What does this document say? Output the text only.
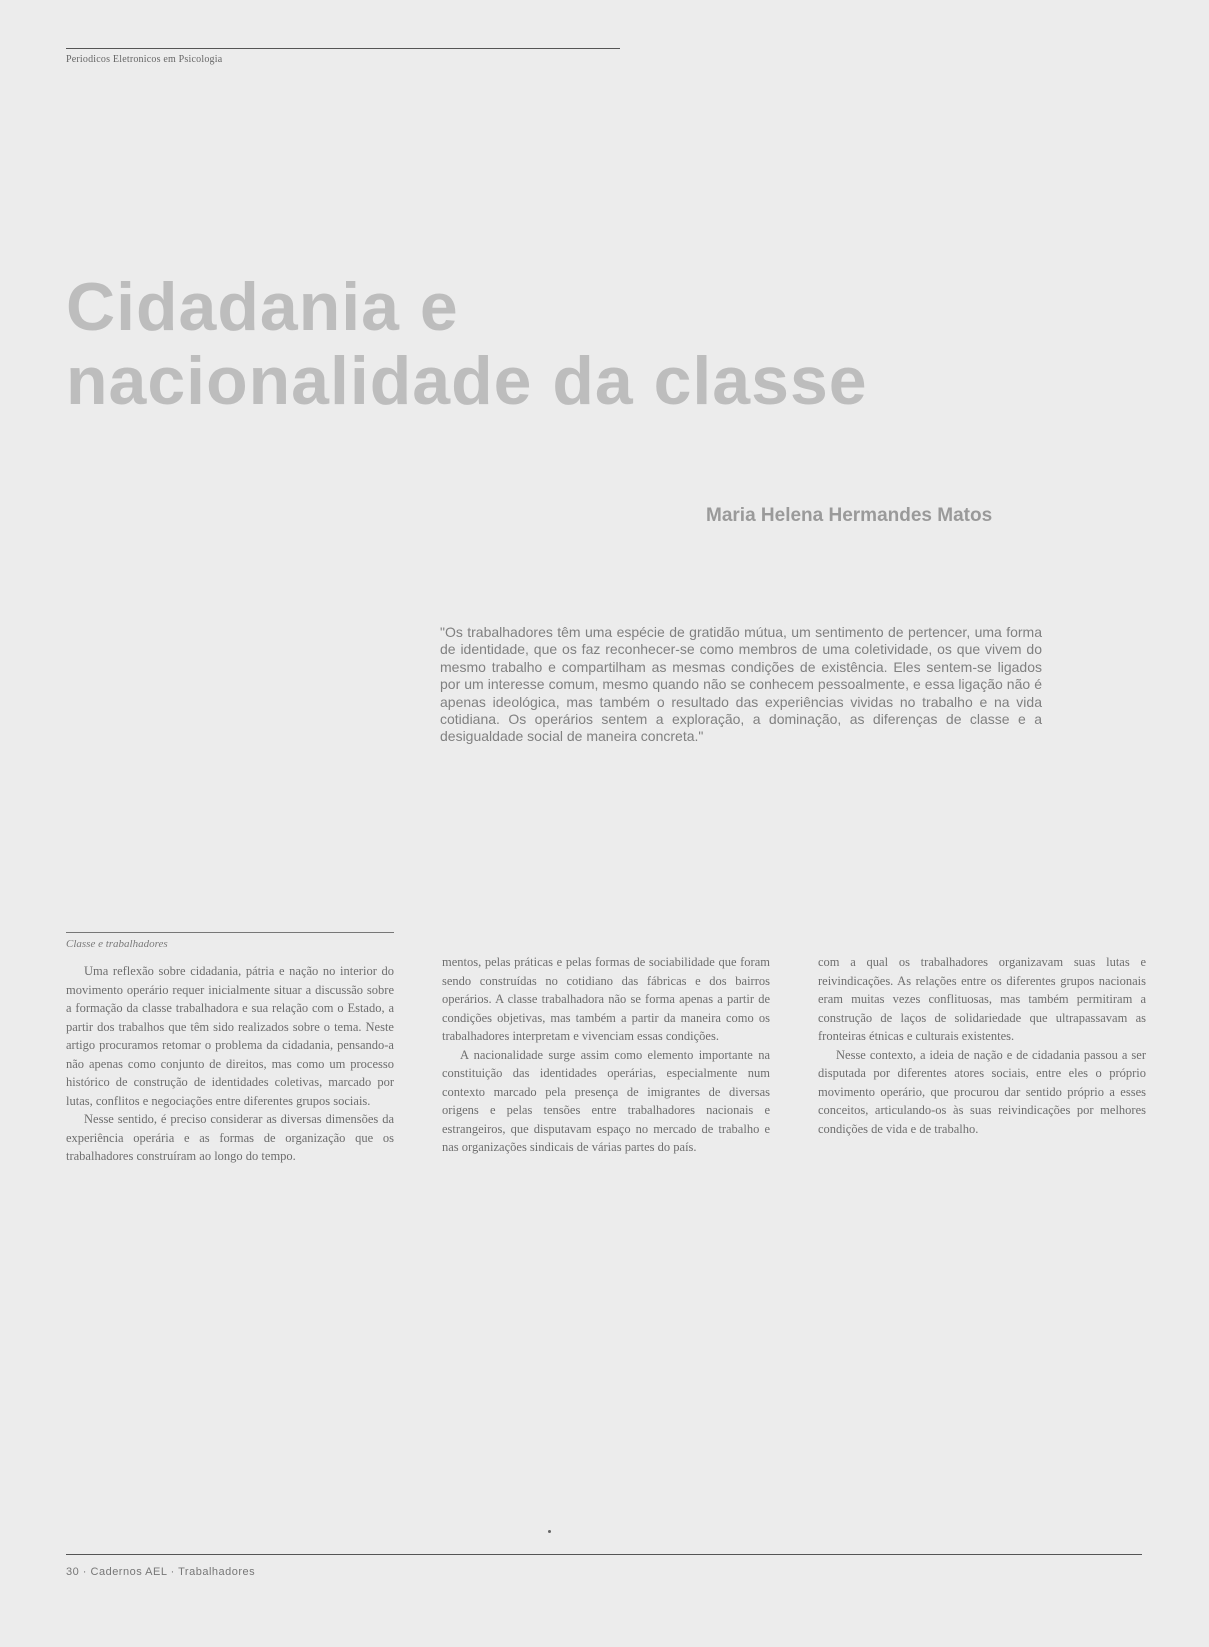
Periodicos Eletronicos em Psicologia
Cidadania e
nacionalidade da classe
Maria Helena Hermandes Matos
"Os trabalhadores têm uma espécie de gratidão mútua, um sentimento de pertencer, uma forma de identidade, que os faz reconhecer-se como membros de uma coletividade, os que vivem do mesmo trabalho e compartilham as mesmas condições de existência. Eles sentem-se ligados por um interesse comum, mesmo quando não se conhecem pessoalmente, e essa ligação não é apenas ideológica, mas também o resultado das experiências vividas no trabalho e na vida cotidiana. Os operários sentem a exploração, a dominação, as diferenças de classe e a desigualdade social de maneira concreta."
Classe e trabalhadores

Uma reflexão sobre cidadania, pátria e nação no interior do movimento operário requer inicialmente situar a discussão sobre a formação da classe trabalhadora e sua relação com o Estado, a partir dos trabalhos que têm sido realizados sobre o tema. Neste artigo procuramos retomar o problema da cidadania, pensando-a não apenas como conjunto de direitos, mas como um processo histórico de construção de identidades coletivas, marcado por lutas, conflitos e negociações entre diferentes grupos sociais.

Nesse sentido, é preciso considerar as diversas dimensões da experiência operária e as formas de organização que os trabalhadores construíram ao longo do tempo.

mentos, pelas práticas e pelas formas de sociabilidade que foram sendo construídas no cotidiano das fábricas e dos bairros operários. A classe trabalhadora não se forma apenas a partir de condições objetivas, mas também a partir da maneira como os trabalhadores interpretam e vivenciam essas condições.

A nacionalidade surge assim como elemento importante na constituição das identidades operárias, especialmente num contexto marcado pela presença de imigrantes de diversas origens e pelas tensões entre trabalhadores nacionais e estrangeiros, que disputavam espaço no mercado de trabalho e nas organizações sindicais de várias partes do país.

com a qual os trabalhadores organizavam suas lutas e reivindicações. As relações entre os diferentes grupos nacionais eram muitas vezes conflituosas, mas também permitiram a construção de laços de solidariedade que ultrapassavam as fronteiras étnicas e culturais existentes.

Nesse contexto, a ideia de nação e de cidadania passou a ser disputada por diferentes atores sociais, entre eles o próprio movimento operário, que procurou dar sentido próprio a esses conceitos, articulando-os às suas reivindicações por melhores condições de vida e de trabalho.

30 · Cadernos AEL · Trabalhadores
